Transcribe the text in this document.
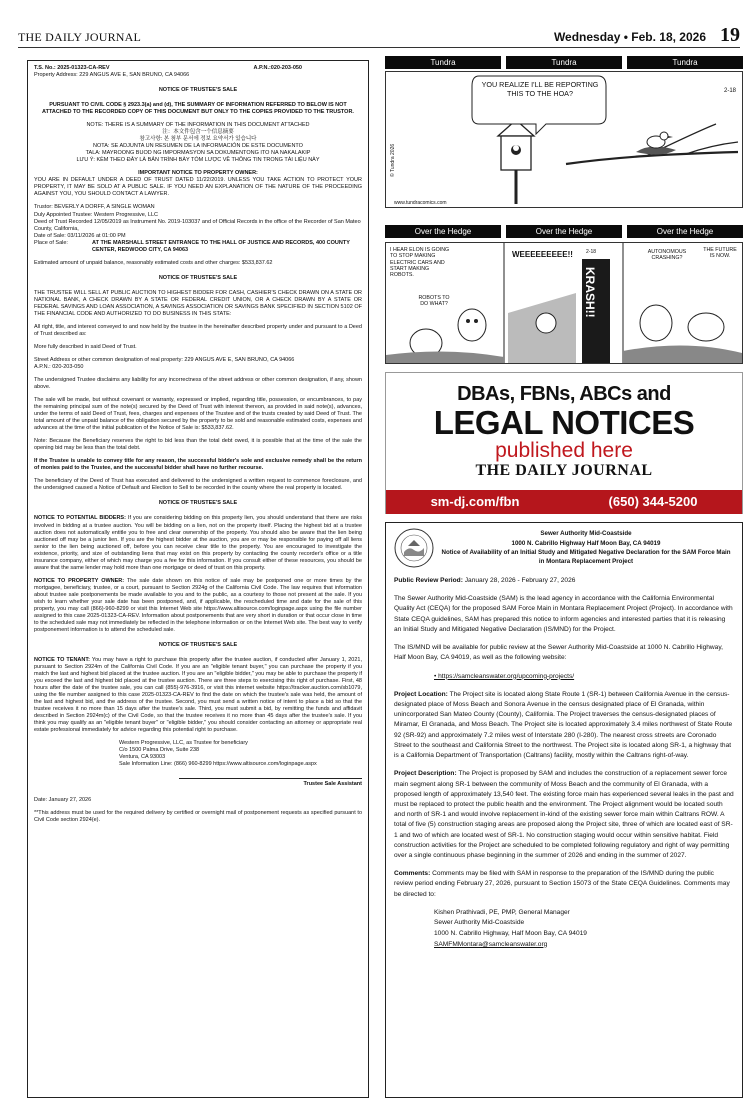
THE DAILY JOURNAL	Wednesday • Feb. 18, 2026 19
T.S. No.: 2025-01323-CA-REV	A.P.N.:020-203-050

Property Address: 229 ANGUS AVE E, SAN BRUNO, CA 94066

NOTICE OF TRUSTEE'S SALE

PURSUANT TO CIVIL CODE § 2923.3(a) and (d), THE SUMMARY OF INFORMATION REFERRED TO BELOW IS NOT ATTACHED TO THE RECORDED COPY OF THIS DOCUMENT BUT ONLY TO THE COPIES PROVIDED TO THE TRUSTOR.

NOTE: THERE IS A SUMMARY OF THE INFORMATION IN THIS DOCUMENT ATTACHED
注：本文件包含一个信息摘要
참고사항: 본 첨부 문서에 정보 요약서가 있습니다
NOTA: SE ADJUNTA UN RESUMEN DE LA INFORMACIÓN DE ESTE DOCUMENTO
TALA: MAYROONG BUOD NG IMPORMASYON SA DOKUMENTONG ITO NA NAKALAKIP
LƯU Ý: KÈM THEO ĐÂY LÀ BẢN TRÌNH BÀY TÓM LƯỢC VỀ THÔNG TIN TRONG TÀI LIỆU NÀY
IMPORTANT NOTICE TO PROPERTY OWNER:

YOU ARE IN DEFAULT UNDER A DEED OF TRUST DATED 11/22/2019. UNLESS YOU TAKE ACTION TO PROTECT YOUR PROPERTY, IT MAY BE SOLD AT A PUBLIC SALE. IF YOU NEED AN EXPLANATION OF THE NATURE OF THE PROCEEDING AGAINST YOU, YOU SHOULD CONTACT A LAWYER.

Trustor: BEVERLY A DORFF, A SINGLE WOMAN
Duly Appointed Trustee: Western Progressive, LLC
Deed of Trust Recorded 12/05/2019 as Instrument No. 2019-103037 and of Official Records in the office of the Recorder of San Mateo County, California,
Date of Sale: 03/11/2026 at 01:00 PM
Place of Sale:	AT THE MARSHALL STREET ENTRANCE TO THE HALL OF JUSTICE AND RECORDS, 400 COUNTY CENTER, REDWOOD CITY, CA 94063

Estimated amount of unpaid balance, reasonably estimated costs and other charges: $533,837.62

NOTICE OF TRUSTEE'S SALE

THE TRUSTEE WILL SELL AT PUBLIC AUCTION TO HIGHEST BIDDER FOR CASH, CASHIER'S CHECK DRAWN ON A STATE OR NATIONAL BANK, A CHECK DRAWN BY A STATE OR FEDERAL CREDIT UNION, OR A CHECK DRAWN BY A STATE OR FEDERAL SAVINGS AND LOAN ASSOCIATION, A SAVINGS ASSOCIATION OR SAVINGS BANK SPECIFIED IN SECTION 5102 OF THE FINANCIAL CODE AND AUTHORIZED TO DO BUSINESS IN THIS STATE:

All right, title, and interest conveyed to and now held by the trustee in the hereinafter described property under and pursuant to a Deed of Trust described as:

More fully described in said Deed of Trust.

Street Address or other common designation of real property: 229 ANGUS AVE E, SAN BRUNO, CA 94066

A.P.N.: 020-203-050

The undersigned Trustee disclaims any liability for any incorrectness of the street address or other common designation, if any, shown above.

The sale will be made, but without covenant or warranty, expressed or implied, regarding title, possession, or encumbrances, to pay the remaining principal sum of the note(s) secured by the Deed of Trust with interest thereon, as provided in said note(s), advances, under the terms of said Deed of Trust, fees, charges and expenses of the Trustee and of the trusts created by said Deed of Trust. The total amount of the unpaid balance of the obligation secured by the property to be sold and reasonable estimated costs, expenses and advances at the time of the initial publication of the Notice of Sale is: $533,837.62.

Note: Because the Beneficiary reserves the right to bid less than the total debt owed, it is possible that at the time of the sale the opening bid may be less than the total debt.

If the Trustee is unable to convey title for any reason, the successful bidder's sole and exclusive remedy shall be the return of monies paid to the Trustee, and the successful bidder shall have no further recourse.

The beneficiary of the Deed of Trust has executed and delivered to the undersigned a written request to commence foreclosure, and the undersigned caused a Notice of Default and Election to Sell to be recorded in the county where the real property is located.

NOTICE OF TRUSTEE'S SALE

NOTICE TO POTENTIAL BIDDERS: If you are considering bidding on this property lien, you should understand that there are risks involved in bidding at a trustee auction. You will be bidding on a lien, not on the property itself. Placing the highest bid at a trustee auction does not automatically entitle you to free and clear ownership of the property. You should also be aware that the lien being auctioned off may be a junior lien. If you are the highest bidder at the auction, you are or may be responsible for paying off all liens senior to the lien being auctioned off, before you can receive clear title to the property. You are encouraged to investigate the existence, priority, and size of outstanding liens that may exist on this property by contacting the county recorder's office or a title insurance company, either of which may charge you a fee for this information. If you consult either of these resources, you should be aware that the same lender may hold more than one mortgage or deed of trust on this property.

NOTICE TO PROPERTY OWNER: The sale date shown on this notice of sale may be postponed one or more times by the mortgagee, beneficiary, trustee, or a court, pursuant to Section 2924g of the California Civil Code. The law requires that information about trustee sale postponements be made available to you and to the public, as a courtesy to those not present at the sale. If you wish to learn whether your sale date has been postponed, and, if applicable, the rescheduled time and date for the sale of this property, you may call (866)-960-8299 or visit this Internet Web site https://www.altisource.com/loginpage.aspx using the file number assigned to this case 2025-01323-CA-REV. Information about postponements that are very short in duration or that occur close in time to the scheduled sale may not immediately be reflected in the telephone information or on the Internet Web site. The best way to verify postponement information is to attend the scheduled sale.

NOTICE OF TRUSTEE'S SALE

NOTICE TO TENANT: You may have a right to purchase this property after the trustee auction, if conducted after January 1, 2021, pursuant to Section 2924m of the California Civil Code. If you are an "eligible tenant buyer," you can purchase the property if you match the last and highest bid placed at the trustee auction. If you are an "eligible bidder," you may be able to purchase the property if you exceed the last and highest bid placed at the trustee auction. There are three steps to exercising this right of purchase. First, 48 hours after the date of the trustee sale, you can call (855)-976-3916, or visit this internet website https://tracker.auction.com/sb1079, using the file number assigned to this case 2025-01323-CA-REV to find the date on which the trustee's sale was held, the amount of the last and highest bid, and the address of the trustee. Second, you must send a written notice of intent to place a bid so that the trustee receives it no more than 15 days after the trustee's sale. Third, you must submit a bid, by remitting the funds and affidavit described in Section 2924m(c) of the Civil Code, so that the trustee receives it no more than 45 days after the trustee's sale. If you think you may qualify as an "eligible tenant buyer" or "eligible bidder," you should consider contacting an attorney or appropriate real estate professional immediately for advice regarding this potential right to purchase.

Western Progressive, LLC, as Trustee for beneficiary
C/o 1500 Palma Drive, Suite 238
Ventura, CA 93003
Sale Information Line: (866) 960-8299 https://www.altisource.com/loginpage.aspx
Trustee Sale Assistant

Date: January 27, 2026

**This address must be used for the required delivery by certified or overnight mail of postponement requests as specified pursuant to Civil Code section 2924(e).

Tundra	Tundra	Tundra
YOU REALIZE I'LL BE REPORTING THIS TO THE HOA?	2-18
www.tundracomics.com
© Tundra 2026
Over the Hedge	Over the Hedge	Over the Hedge
I HEAR ELON IS GOING TO STOP MAKING ELECTRIC CARS AND START MAKING ROBOTS.
ROBOTS TO DO WHAT?
WEEEEEEEEE!!	2-18
KRASH!!
AUTONOMOUS CRASHING?
THE FUTURE IS NOW.
DBAs, FBNs, ABCs and
LEGAL NOTICES
published here
THE DAILY JOURNAL
sm-dj.com/fbn	(650) 344-5200
Sewer Authority Mid-Coastside
1000 N. Cabrillo Highway Half Moon Bay, CA 94019
Notice of Availability of an Initial Study and Mitigated Negative Declaration for the SAM Force Main in Montara Replacement Project

Public Review Period: January 28, 2026 - February 27, 2026

The Sewer Authority Mid-Coastside (SAM) is the lead agency in accordance with the California Environmental Quality Act (CEQA) for the proposed SAM Force Main in Montara Replacement Project (Project). In accordance with State CEQA guidelines, SAM has prepared this notice to inform agencies and interested parties that it is releasing an Initial Study and Mitigated Negative Declaration (IS/MND) for the Project.

The IS/MND will be available for public review at the Sewer Authority Mid-Coastside at 1000 N. Cabrillo Highway, Half Moon Bay, CA 94019, as well as the following website:

• https://samcleanswater.org/upcoming-projects/

Project Location: The Project site is located along State Route 1 (SR-1) between California Avenue in the census-designated place of Moss Beach and Sonora Avenue in the census designated place of El Granada, within unincorporated San Mateo County (County), California. The Project traverses the census-designated places of Miramar, El Granada, and Moss Beach. The Project site is located approximately 3.4 miles northwest of State Route 92 (SR-92) and approximately 7.2 miles west of Interstate 280 (I-280). The nearest cross streets are Coronado Street to the southeast and California Street to the northwest. The Project site is located along SR-1, a highway that is a California Department of Transportation (Caltrans) facility, mostly within the Caltrans right-of-way.

Project Description: The Project is proposed by SAM and includes the construction of a replacement sewer force main segment along SR-1 between the community of Moss Beach and the community of El Granada, with a proposed length of approximately 13,540 feet. The existing force main has experienced several leaks in the past and must be replaced to protect the public health and the environment. The Project alignment would be located south and north of SR-1 and would involve replacement in-kind of the existing sewer force main within Caltrans ROW. A total of five (5) construction staging areas are proposed along the Project site, three of which are located east of SR-1 and two of which are located west of SR-1. No construction staging would occur within sensitive habitat. Field construction activities for the Project are scheduled to be completed following regulatory and right of way permitting over a single continuous phase beginning in the summer of 2026 and ending in the summer of 2027.

Comments: Comments may be filed with SAM in response to the preparation of the IS/MND during the public review period ending February 27, 2026, pursuant to Section 15073 of the State CEQA Guidelines. Comments may be directed to:

Kishen Prathivadi, PE, PMP, General Manager
Sewer Authority Mid-Coastside
1000 N. Cabrillo Highway, Half Moon Bay, CA 94019
SAMFMMontara@samcleanswater.org
